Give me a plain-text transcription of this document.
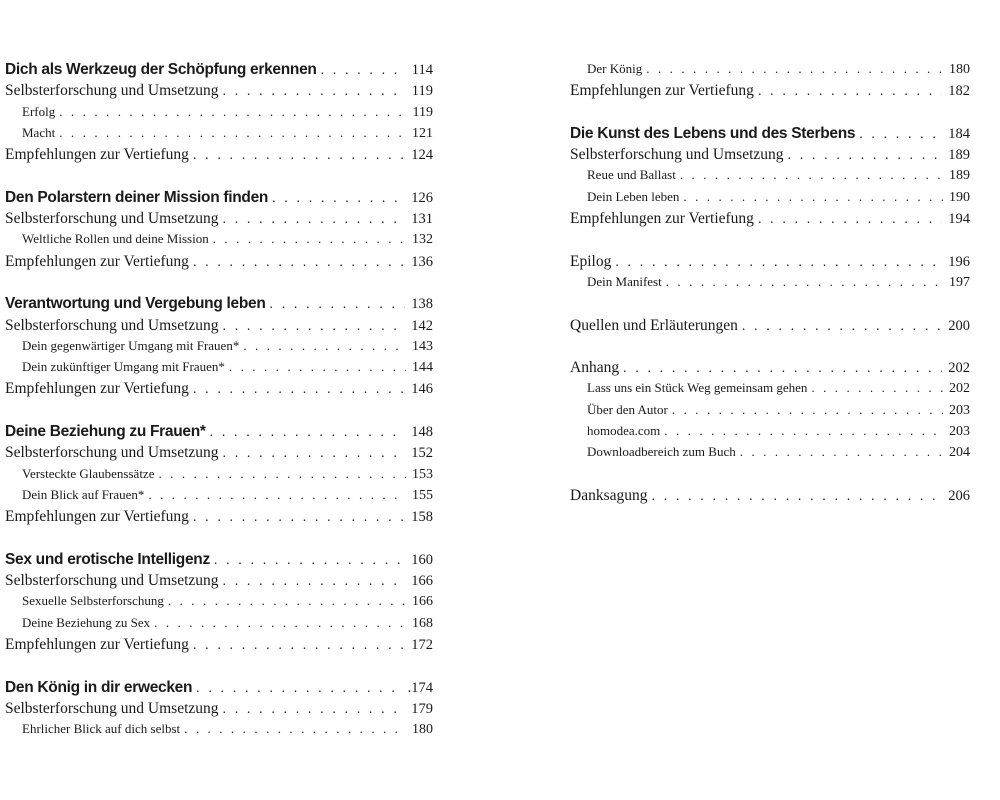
Dich als Werkzeug der Schöpfung erkennen . . .	114
Selbsterforschung und Umsetzung . . .	119
Erfolg . . .	119
Macht . . .	121
Empfehlungen zur Vertiefung . . .	124
Den Polarstern deiner Mission finden . . .	126
Selbsterforschung und Umsetzung . . .	131
Weltliche Rollen und deine Mission . . .	132
Empfehlungen zur Vertiefung . . .	136
Verantwortung und Vergebung leben . . .	138
Selbsterforschung und Umsetzung . . .	142
Dein gegenwärtiger Umgang mit Frauen* . . .	143
Dein zukünftiger Umgang mit Frauen* . . .	144
Empfehlungen zur Vertiefung . . .	146
Deine Beziehung zu Frauen* . . .	148
Selbsterforschung und Umsetzung . . .	152
Versteckte Glaubenssätze . . .	153
Dein Blick auf Frauen* . . .	155
Empfehlungen zur Vertiefung . . .	158
Sex und erotische Intelligenz . . .	160
Selbsterforschung und Umsetzung . . .	166
Sexuelle Selbsterforschung . . .	166
Deine Beziehung zu Sex . . .	168
Empfehlungen zur Vertiefung . . .	172
Den König in dir erwecken . . .	.174
Selbsterforschung und Umsetzung . . .	179
Ehrlicher Blick auf dich selbst . . .	180
Der König . . .	180
Empfehlungen zur Vertiefung . . .	182
Die Kunst des Lebens und des Sterbens . . .	184
Selbsterforschung und Umsetzung . . .	189
Reue und Ballast . . .	189
Dein Leben leben . . .	190
Empfehlungen zur Vertiefung . . .	194
Epilog . . .	196
Dein Manifest . . .	197
Quellen und Erläuterungen . . .	200
Anhang . . .	202
Lass uns ein Stück Weg gemeinsam gehen . . .	202
Über den Autor . . .	203
homodea.com . . .	203
Downloadbereich zum Buch . . .	204
Danksagung . . .	206
